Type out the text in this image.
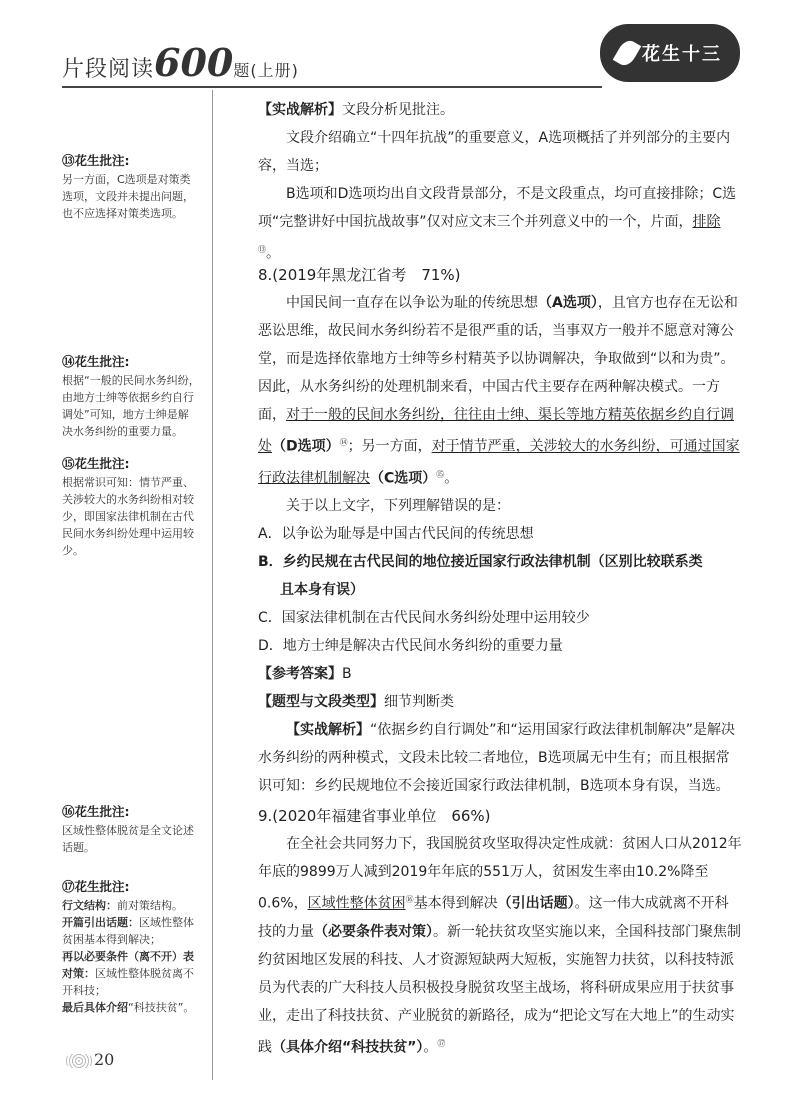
片段阅读600题(上册)
花生十三
⑬花生批注:
另一方面，C选项是对策类
选项，文段并未提出问题，
也不应选择对策类选项。
⑭花生批注:
根据“一般的民间水务纠纷，
由地方士绅等依据乡约自行
调处”可知，地方士绅是解
决水务纠纷的重要力量。
⑮花生批注:
根据常识可知：情节严重、
关涉较大的水务纠纷相对较
少，即国家法律机制在古代
民间水务纠纷处理中运用较
少。
⑯花生批注:
区域性整体脱贫是全文论述
话题。
⑰花生批注:
行文结构：前对策结构。
开篇引出话题：区域性整体
贫困基本得到解决；
再以必要条件（离不开）表
对策：区域性整体脱贫离不
开科技；
最后具体介绍“科技扶贫”。
【实战解析】文段分析见批注。
文段介绍确立“十四年抗战”的重要意义，A选项概括了并列部分的主要内容，当选；
B选项和D选项均出自文段背景部分，不是文段重点，均可直接排除；C选项“完整讲好中国抗战故事”仅对应文末三个并列意义中的一个，片面，排除⑬。
8.(2019年黑龙江省考　71%)
中国民间一直存在以争讼为耻的传统思想（A选项），且官方也存在无讼和恶讼思维，故民间水务纠纷若不是很严重的话，当事双方一般并不愿意对簿公堂，而是选择依靠地方士绅等乡村精英予以协调解决，争取做到“以和为贵”。因此，从水务纠纷的处理机制来看，中国古代主要存在两种解决模式。一方面，对于一般的民间水务纠纷，往往由士绅、渠长等地方精英依据乡约自行调处（D选项）⑭；另一方面，对于情节严重，关涉较大的水务纠纷，可通过国家行政法律机制解决（C选项）⑮。
关于以上文字，下列理解错误的是：
A．以争讼为耻辱是中国古代民间的传统思想
B．乡约民规在古代民间的地位接近国家行政法律机制（区别比较联系类
且本身有误）
C．国家法律机制在古代民间水务纠纷处理中运用较少
D．地方士绅是解决古代民间水务纠纷的重要力量
【参考答案】B
【题型与文段类型】细节判断类
【实战解析】“依据乡约自行调处”和“运用国家行政法律机制解决”是解决水务纠纷的两种模式，文段未比较二者地位，B选项属无中生有；而且根据常识可知：乡约民规地位不会接近国家行政法律机制，B选项本身有误，当选。
9.(2020年福建省事业单位　66%)
在全社会共同努力下，我国脱贫攻坚取得决定性成就：贫困人口从2012年年底的9899万人减到2019年年底的551万人，贫困发生率由10.2%降至0.6%，区域性整体贫困⑯基本得到解决（引出话题）。这一伟大成就离不开科技的力量（必要条件表对策）。新一轮扶贫攻坚实施以来，全国科技部门聚焦制约贫困地区发展的科技、人才资源短缺两大短板，实施智力扶贫，以科技特派员为代表的广大科技人员积极投身脱贫攻坚主战场，将科研成果应用于扶贫事业，走出了科技扶贫、产业脱贫的新路径，成为“把论文写在大地上”的生动实践（具体介绍“科技扶贫”）。⑰
20
